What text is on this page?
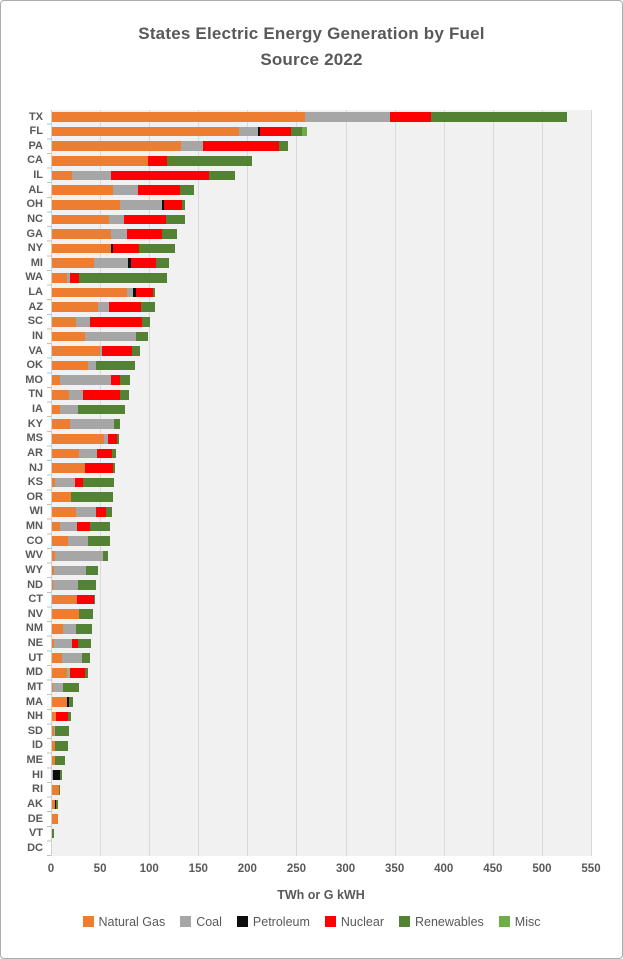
States Electric Energy Generation by Fuel
Source 2022
TX
FL
PA
CA
IL
AL
OH
NC
GA
NY
MI
WA
LA
AZ
SC
IN
VA
OK
MO
TN
IA
KY
MS
AR
NJ
KS
OR
WI
MN
CO
WV
WY
ND
CT
NV
NM
NE
UT
MD
MT
MA
NH
SD
ID
ME
HI
RI
AK
DE
VT
DC
0	50	100	150	200	250	300	350	400	450	500	550
TWh or G kWH
Natural Gas Coal Petroleum Nuclear Renewables Misc
